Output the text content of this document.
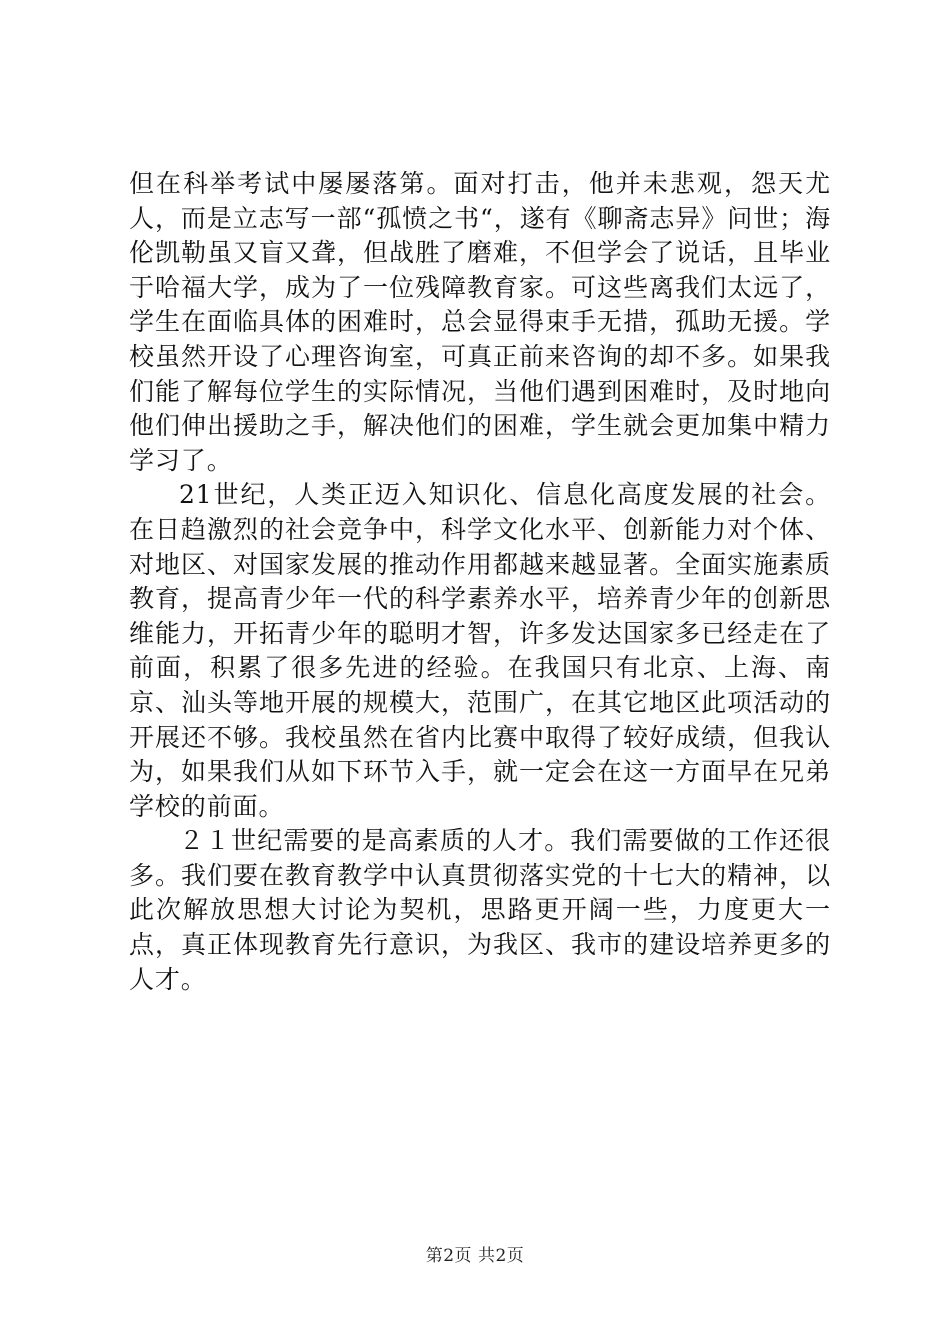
但在科举考试中屡屡落第。面对打击，他并未悲观，怨天尤人，而是立志写一部“孤愤之书“，遂有《聊斋志异》问世；海伦凯勒虽又盲又聋，但战胜了磨难，不但学会了说话，且毕业于哈福大学，成为了一位残障教育家。可这些离我们太远了，学生在面临具体的困难时，总会显得束手无措，孤助无援。学校虽然开设了心理咨询室，可真正前来咨询的却不多。如果我们能了解每位学生的实际情况，当他们遇到困难时，及时地向他们伸出援助之手，解决他们的困难，学生就会更加集中精力学习了。

21世纪，人类正迈入知识化、信息化高度发展的社会。在日趋激烈的社会竞争中，科学文化水平、创新能力对个体、对地区、对国家发展的推动作用都越来越显著。全面实施素质教育，提高青少年一代的科学素养水平，培养青少年的创新思维能力，开拓青少年的聪明才智，许多发达国家多已经走在了前面，积累了很多先进的经验。在我国只有北京、上海、南京、汕头等地开展的规模大，范围广，在其它地区此项活动的开展还不够。我校虽然在省内比赛中取得了较好成绩，但我认为，如果我们从如下环节入手，就一定会在这一方面早在兄弟学校的前面。

２１世纪需要的是高素质的人才。我们需要做的工作还很多。我们要在教育教学中认真贯彻落实党的十七大的精神，以此次解放思想大讨论为契机，思路更开阔一些，力度更大一点，真正体现教育先行意识，为我区、我市的建设培养更多的人才。

第2页 共2页
